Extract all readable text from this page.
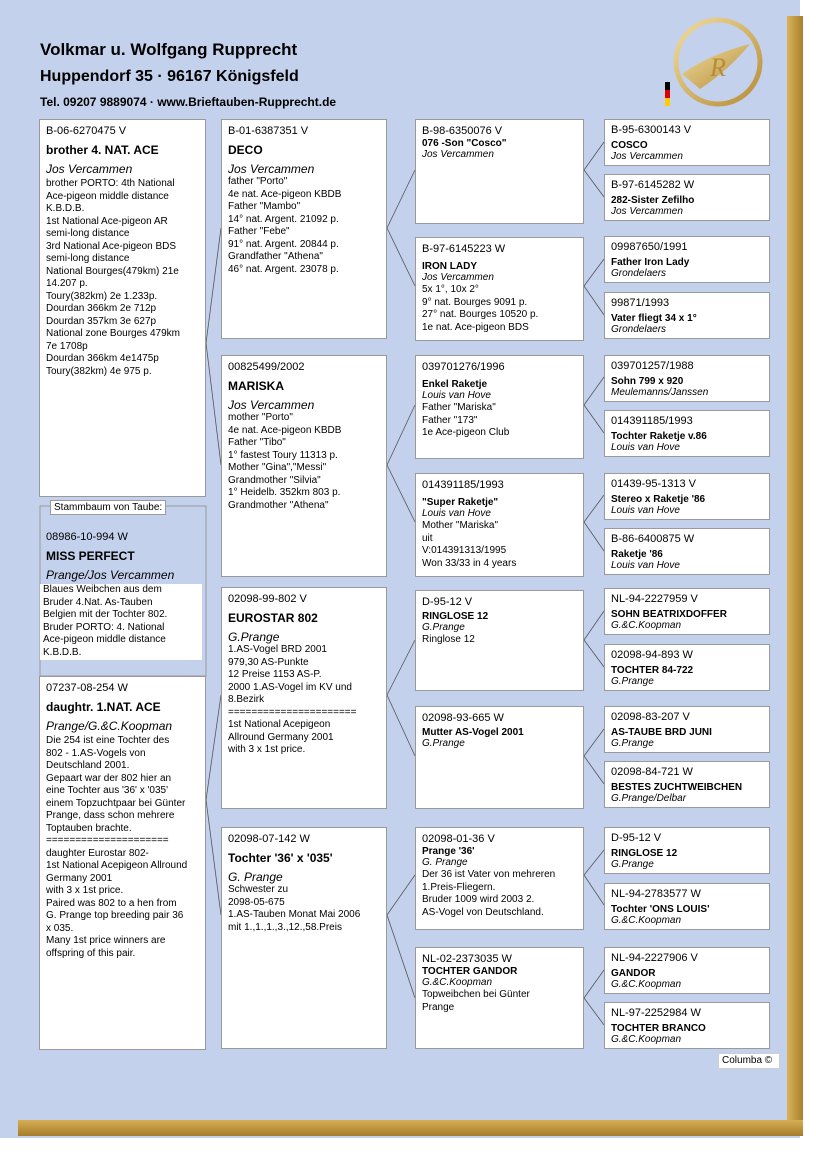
Volkmar u. Wolfgang Rupprecht
Huppendorf 35 · 96167 Königsfeld
Tel. 09207 9889074 · www.Brieftauben-Rupprecht.de
R
B-06-6270475 V
brother 4. NAT. ACE
Jos Vercammen
brother PORTO: 4th National
Ace-pigeon middle distance
K.B.D.B.
1st National Ace-pigeon AR
semi-long distance
3rd National Ace-pigeon BDS
semi-long distance
National Bourges(479km) 21e
14.207 p.
Toury(382km) 2e 1.233p.
Dourdan 366km 2e 712p
Dourdan 357km 3e 627p
National zone Bourges 479km
7e 1708p
Dourdan 366km 4e1475p
Toury(382km) 4e 975 p.
Stammbaum von Taube:
08986-10-994 W
MISS PERFECT
Prange/Jos Vercammen
Blaues Weibchen aus dem
Bruder 4.Nat. As-Tauben
Belgien mit der Tochter 802.
Bruder PORTO: 4. National
Ace-pigeon middle distance
K.B.D.B.
07237-08-254 W
daughtr. 1.NAT. ACE
Prange/G.&C.Koopman
Die 254 ist eine Tochter des
802 - 1.AS-Vogels von
Deutschland 2001.
Gepaart war der 802 hier an
eine Tochter aus '36' x '035'
einem Topzuchtpaar bei Günter
Prange, dass schon mehrere
Toptauben brachte.
=====================
daughter Eurostar 802-
1st National Acepigeon Allround
Germany 2001
with 3 x 1st price.
Paired was 802 to a hen from
G. Prange top breeding pair 36
x 035.
Many 1st price winners are
offspring of this pair.
B-01-6387351 V
DECO
Jos Vercammen
father "Porto"
4e nat. Ace-pigeon KBDB
Father "Mambo"
14° nat. Argent. 21092 p.
Father "Febe"
91° nat. Argent. 20844 p.
Grandfather "Athena"
46° nat. Argent. 23078 p.
00825499/2002
MARISKA
Jos Vercammen
mother "Porto"
4e nat. Ace-pigeon KBDB
Father "Tibo"
1° fastest Toury 11313 p.
Mother "Gina","Messi"
Grandmother "Silvia"
1° Heidelb. 352km 803 p.
Grandmother "Athena"
02098-99-802 V
EUROSTAR 802
G.Prange
1.AS-Vogel BRD 2001
979,30 AS-Punkte
12 Preise 1153 AS-P.
2000 1.AS-Vogel im KV und
8.Bezirk
======================
1st National Acepigeon
Allround Germany 2001
with 3 x 1st price.
02098-07-142 W
Tochter '36' x '035'
G. Prange
Schwester zu
2098-05-675
1.AS-Tauben Monat Mai 2006
mit 1.,1.,1.,3.,12.,58.Preis
B-98-6350076 V
076 -Son "Cosco"
Jos Vercammen
B-97-6145223 W
IRON LADY
Jos Vercammen
5x 1°, 10x 2°
9° nat. Bourges 9091 p.
27° nat. Bourges 10520 p.
1e nat. Ace-pigeon BDS
039701276/1996
Enkel Raketje
Louis van Hove
Father "Mariska"
Father "173"
1e Ace-pigeon Club
014391185/1993
"Super Raketje"
Louis van Hove
Mother "Mariska"
uit
V:014391313/1995
Won 33/33 in 4 years
D-95-12 V
RINGLOSE 12
G.Prange
Ringlose 12
02098-93-665 W
Mutter AS-Vogel 2001
G.Prange
02098-01-36 V
Prange '36'
G. Prange
Der 36 ist Vater von mehreren
1.Preis-Fliegern.
Bruder 1009 wird 2003 2.
AS-Vogel von Deutschland.
NL-02-2373035 W
TOCHTER GANDOR
G.&C.Koopman
Topweibchen bei Günter
Prange
B-95-6300143 V
COSCO
Jos Vercammen
B-97-6145282 W
282-Sister Zefilho
Jos Vercammen
09987650/1991
Father Iron Lady
Grondelaers
99871/1993
Vater fliegt 34 x 1°
Grondelaers
039701257/1988
Sohn 799 x 920
Meulemanns/Janssen
014391185/1993
Tochter Raketje v.86
Louis van Hove
01439-95-1313 V
Stereo x Raketje '86
Louis van Hove
B-86-6400875 W
Raketje '86
Louis van Hove
NL-94-2227959 V
SOHN BEATRIXDOFFER
G.&C.Koopman
02098-94-893 W
TOCHTER 84-722
G.Prange
02098-83-207 V
AS-TAUBE BRD JUNI
G.Prange
02098-84-721 W
BESTES ZUCHTWEIBCHEN
G.Prange/Delbar
D-95-12 V
RINGLOSE 12
G.Prange
NL-94-2783577 W
Tochter 'ONS LOUIS'
G.&C.Koopman
NL-94-2227906 V
GANDOR
G.&C.Koopman
NL-97-2252984 W
TOCHTER BRANCO
G.&C.Koopman
Columba ©
